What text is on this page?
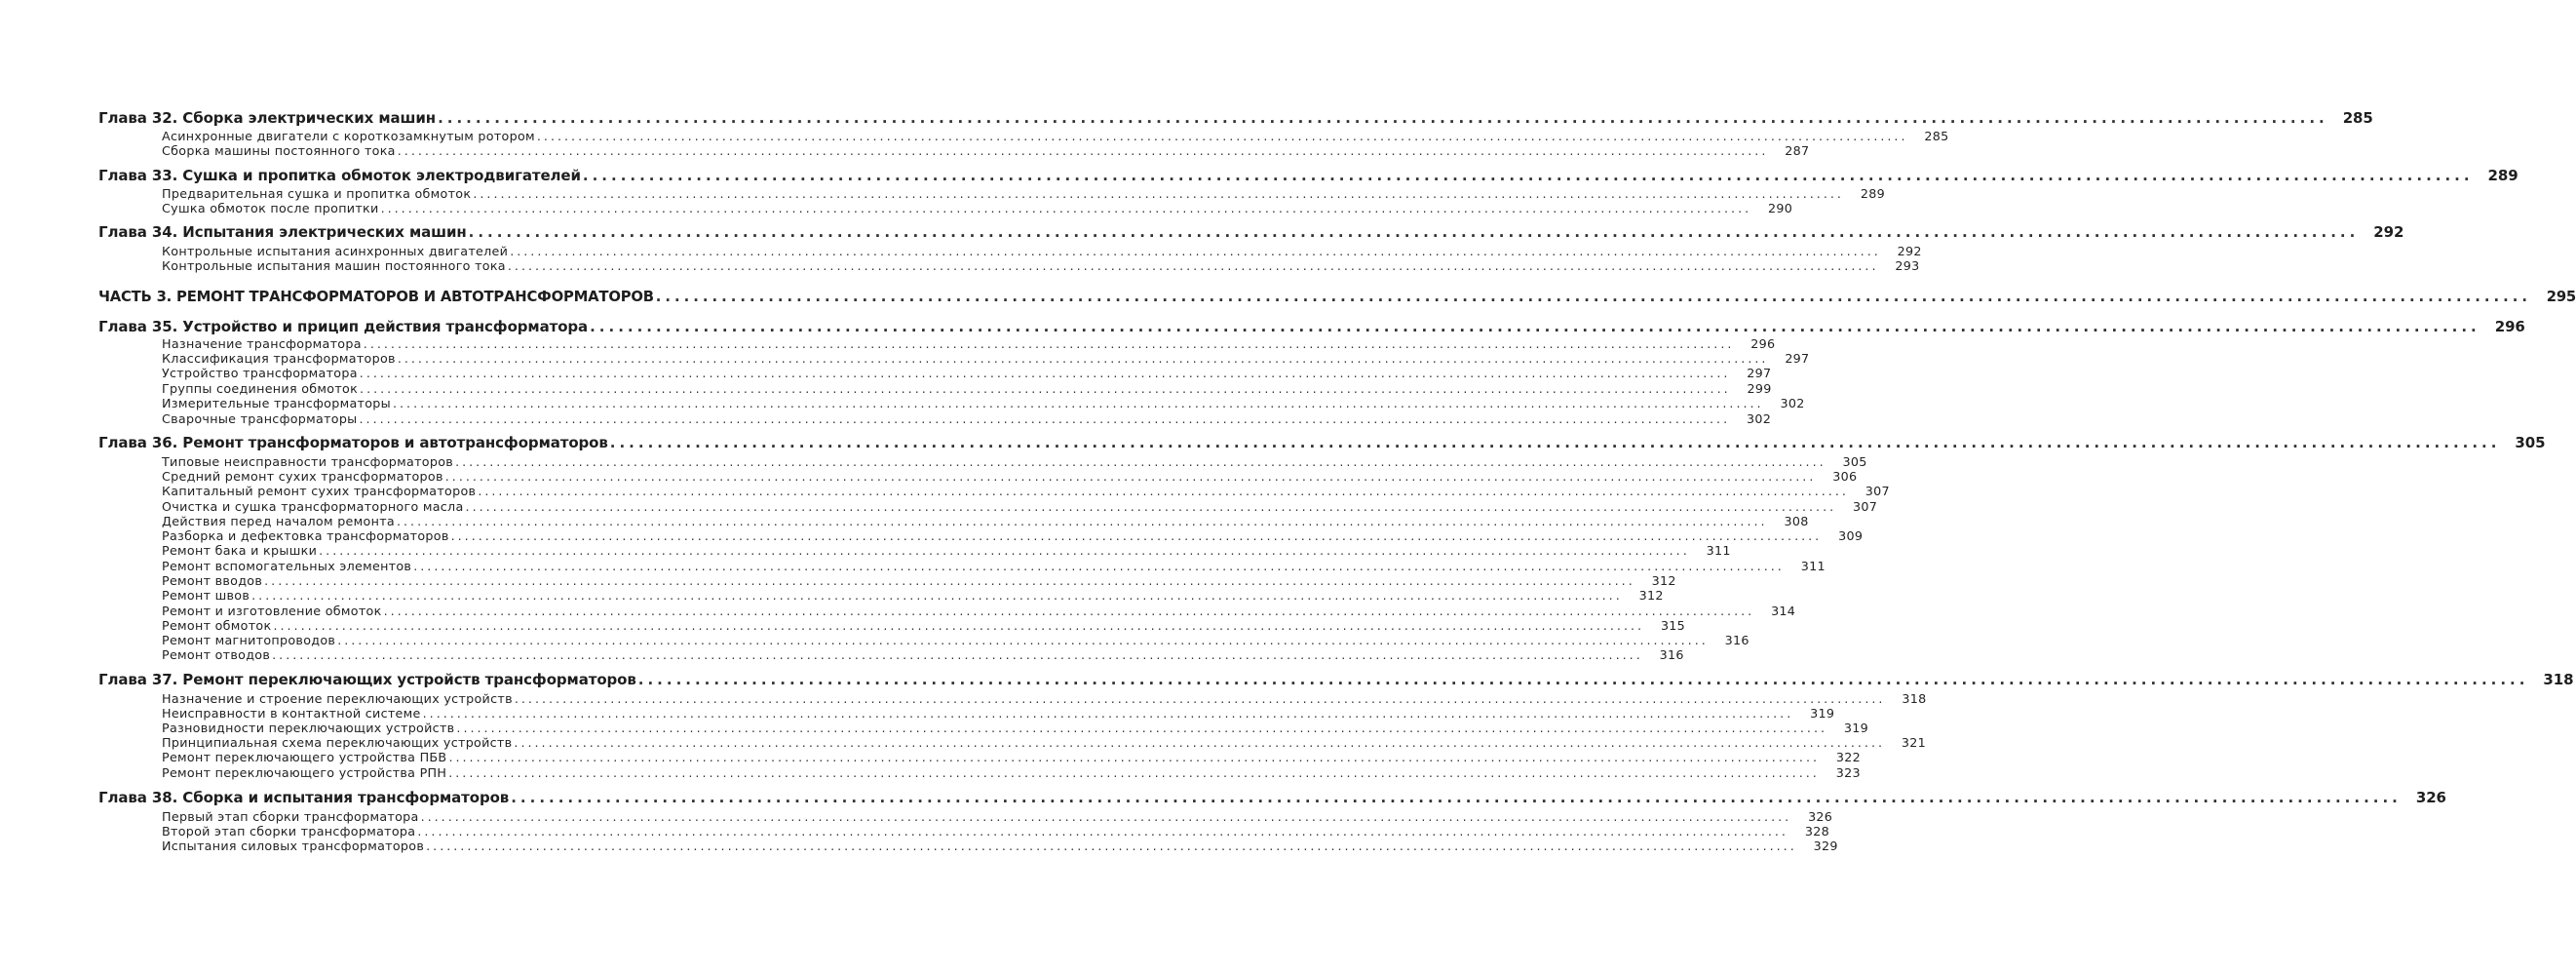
Глава 32. Сборка электрических машин ........................................................................................................................................................................................................ 285
Асинхронные двигатели с короткозамкнутым ротором ........................................................................................................................................................................................................	285
Сборка машины постоянного тока ........................................................................................................................................................................................................	287
Глава 33. Сушка и пропитка обмоток электродвигателей ........................................................................................................................................................................................................ 289
Предварительная сушка и пропитка обмоток ........................................................................................................................................................................................................	289
Сушка обмоток после пропитки ........................................................................................................................................................................................................	290
Глава 34. Испытания электрических машин ........................................................................................................................................................................................................ 292
Контрольные испытания асинхронных двигателей ........................................................................................................................................................................................................	292
Контрольные испытания машин постоянного тока ........................................................................................................................................................................................................	293
ЧАСТЬ 3. РЕМОНТ ТРАНСФОРМАТОРОВ И АВТОТРАНСФОРМАТОРОВ ........................................................................................................................................................................................................	295
Глава 35. Устройство и прицип действия трансформатора ........................................................................................................................................................................................................ 296
Назначение трансформатора ........................................................................................................................................................................................................	296
Классификация трансформаторов ........................................................................................................................................................................................................	297
Устройство трансформатора ........................................................................................................................................................................................................	297
Группы соединения обмоток ........................................................................................................................................................................................................	299
Измерительные трансформаторы ........................................................................................................................................................................................................	302
Сварочные трансформаторы ........................................................................................................................................................................................................	302
Глава 36. Ремонт трансформаторов и автотрансформаторов ........................................................................................................................................................................................................ 305
Типовые неисправности трансформаторов ........................................................................................................................................................................................................	305
Средний ремонт сухих трансформаторов ........................................................................................................................................................................................................	306
Капитальный ремонт сухих трансформаторов ........................................................................................................................................................................................................	307
Очистка и сушка трансформаторного масла ........................................................................................................................................................................................................	307
Действия перед началом ремонта ........................................................................................................................................................................................................	308
Разборка и дефектовка трансформаторов ........................................................................................................................................................................................................	309
Ремонт бака и крышки ........................................................................................................................................................................................................	311
Ремонт вспомогательных элементов ........................................................................................................................................................................................................	311
Ремонт вводов ........................................................................................................................................................................................................	312
Ремонт швов ........................................................................................................................................................................................................	312
Ремонт и изготовление обмоток ........................................................................................................................................................................................................	314
Ремонт обмоток ........................................................................................................................................................................................................	315
Ремонт магнитопроводов ........................................................................................................................................................................................................	316
Ремонт отводов ........................................................................................................................................................................................................	316
Глава 37. Ремонт переключающих устройств трансформаторов ........................................................................................................................................................................................................ 318
Назначение и строение переключающих устройств ........................................................................................................................................................................................................	318
Неисправности в контактной системе ........................................................................................................................................................................................................	319
Разновидности переключающих устройств ........................................................................................................................................................................................................	319
Принципиальная схема переключающих устройств ........................................................................................................................................................................................................	321
Ремонт переключающего устройства ПБВ ........................................................................................................................................................................................................	322
Ремонт переключающего устройства РПН ........................................................................................................................................................................................................	323
Глава 38. Сборка и испытания трансформаторов ........................................................................................................................................................................................................ 326
Первый этап сборки трансформатора ........................................................................................................................................................................................................	326
Второй этап сборки трансформатора ........................................................................................................................................................................................................	328
Испытания силовых трансформаторов ........................................................................................................................................................................................................	329
